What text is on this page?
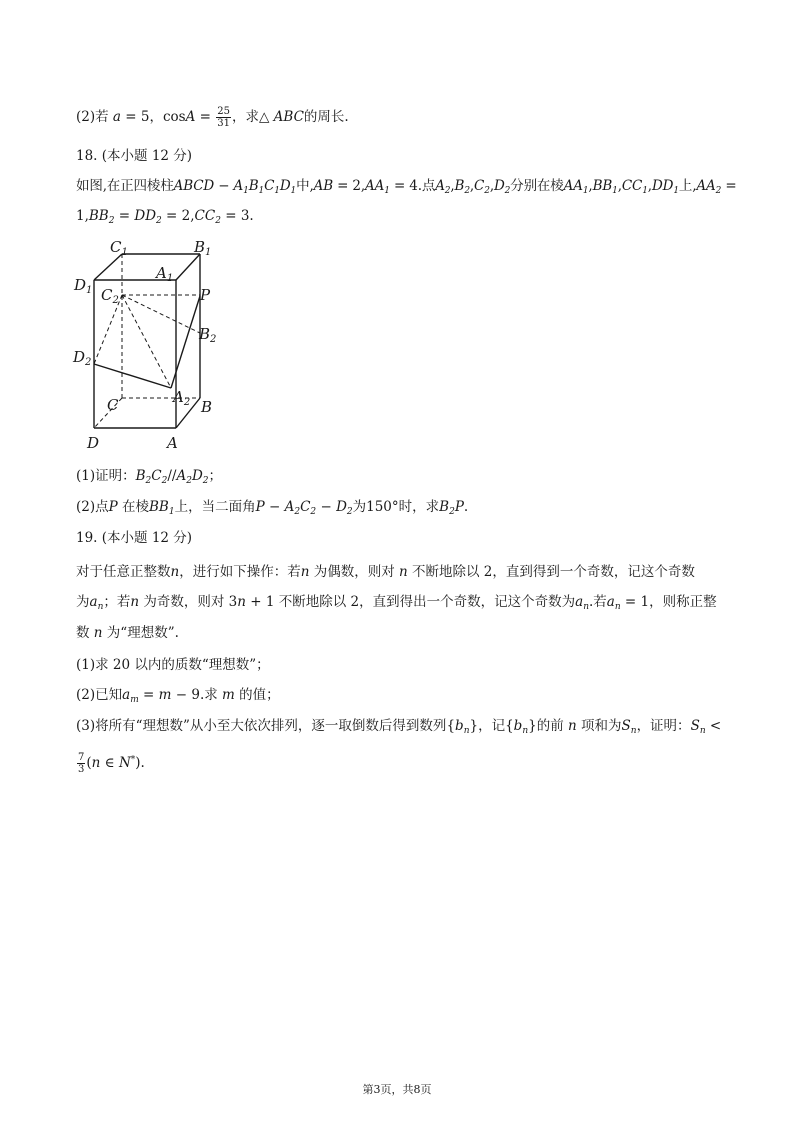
(2)若 a = 5，$\cos A = \frac{25}{31}$ ，求△ ABC的周长.
18. (本小题 12 分)
如图,在正四棱柱ABCD − $A_1B_1C_1D_1$中$,AB = 2,AA_1 = 4$.点$A_2,B_2,C_2,D_2$分别在棱$AA_1,BB_1,CC_1,DD_1$上$,AA_2$ =
$1,BB_2 = DD_2 = 2,CC_2 = 3$.
$C_1$	$B_1$
$A_1$
$D_1$ $C_2$	P
$B_2$
$D_2$
C	$A_2$ B
D	A
(1)证明：$B_2C_2//A_2D_2$；
(2)点P 在棱$BB_1$上，当二面角$P - A_2C_2 - D_2$为150°时，求$B_2P$.
19. (本小题 12 分)
对于任意正整数n，进行如下操作：若n 为偶数，则对 n 不断地除以 2，直到得到一个奇数，记这个奇数
为$a_n$；若n 为奇数，则对 3n + 1 不断地除以 2，直到得出一个奇数，记这个奇数为$a_n$.若$a_n = 1$，则称正整
数 n 为“理想数”.
(1)求 20 以内的质数“理想数”；
(2)已知$a_m = m - 9$.求 m 的值；
(3)将所有“理想数”从小至大依次排列，逐一取倒数后得到数列$\{b_n\}$，记$\{b_n\}$的前 n 项和为$S_n$，证明：$S_n$ <
$\frac{7}{3} (n$ ∈ N*).
第3页，共8页
